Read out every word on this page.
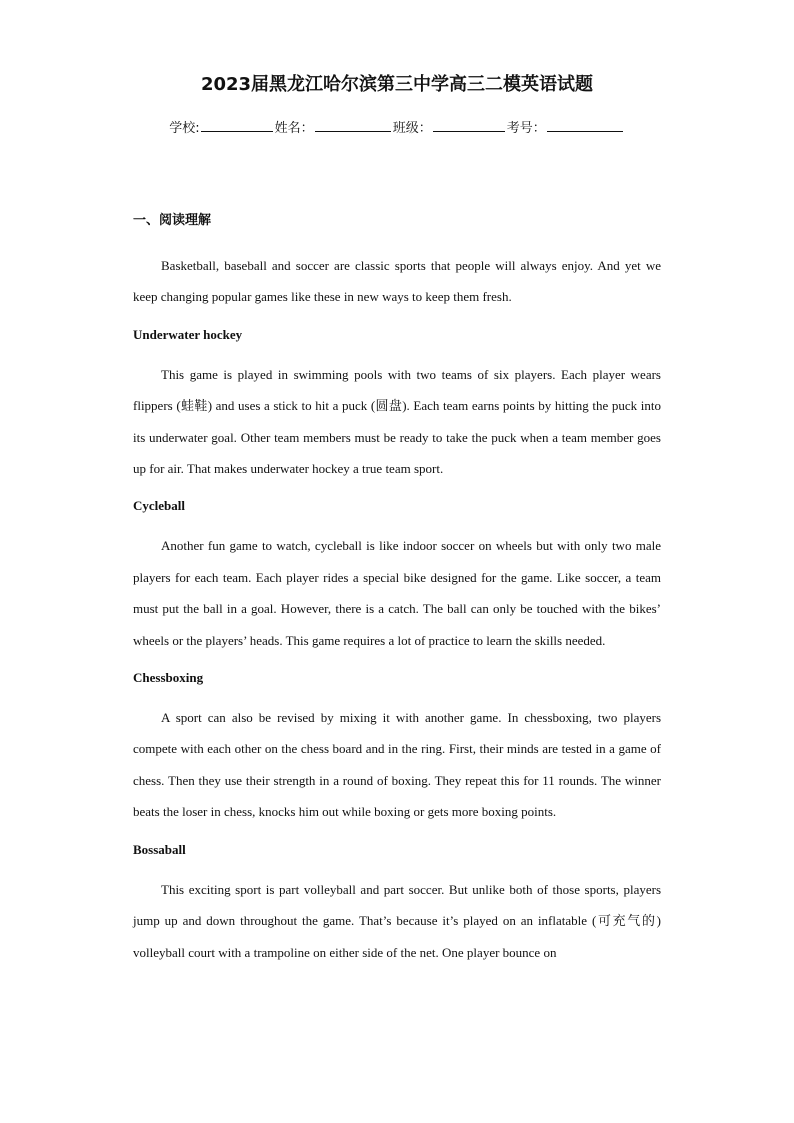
2023届黑龙江哈尔滨第三中学高三二模英语试题
学校:	姓名：	班级：	考号：
一、阅读理解

Basketball, baseball and soccer are classic sports that people will always enjoy. And yet we keep changing popular games like these in new ways to keep them fresh.

Underwater hockey

This game is played in swimming pools with two teams of six players. Each player wears flippers (蛙鞋) and uses a stick to hit a puck (圆盘). Each team earns points by hitting the puck into its underwater goal. Other team members must be ready to take the puck when a team member goes up for air. That makes underwater hockey a true team sport.

Cycleball

Another fun game to watch, cycleball is like indoor soccer on wheels but with only two male players for each team. Each player rides a special bike designed for the game. Like soccer, a team must put the ball in a goal. However, there is a catch. The ball can only be touched with the bikes’ wheels or the players’ heads. This game requires a lot of practice to learn the skills needed.

Chessboxing

A sport can also be revised by mixing it with another game. In chessboxing, two players compete with each other on the chess board and in the ring. First, their minds are tested in a game of chess. Then they use their strength in a round of boxing. They repeat this for 11 rounds. The winner beats the loser in chess, knocks him out while boxing or gets more boxing points.

Bossaball

This exciting sport is part volleyball and part soccer. But unlike both of those sports, players jump up and down throughout the game. That’s because it’s played on an inflatable (可充气的) volleyball court with a trampoline on either side of the net. One player bounce on
